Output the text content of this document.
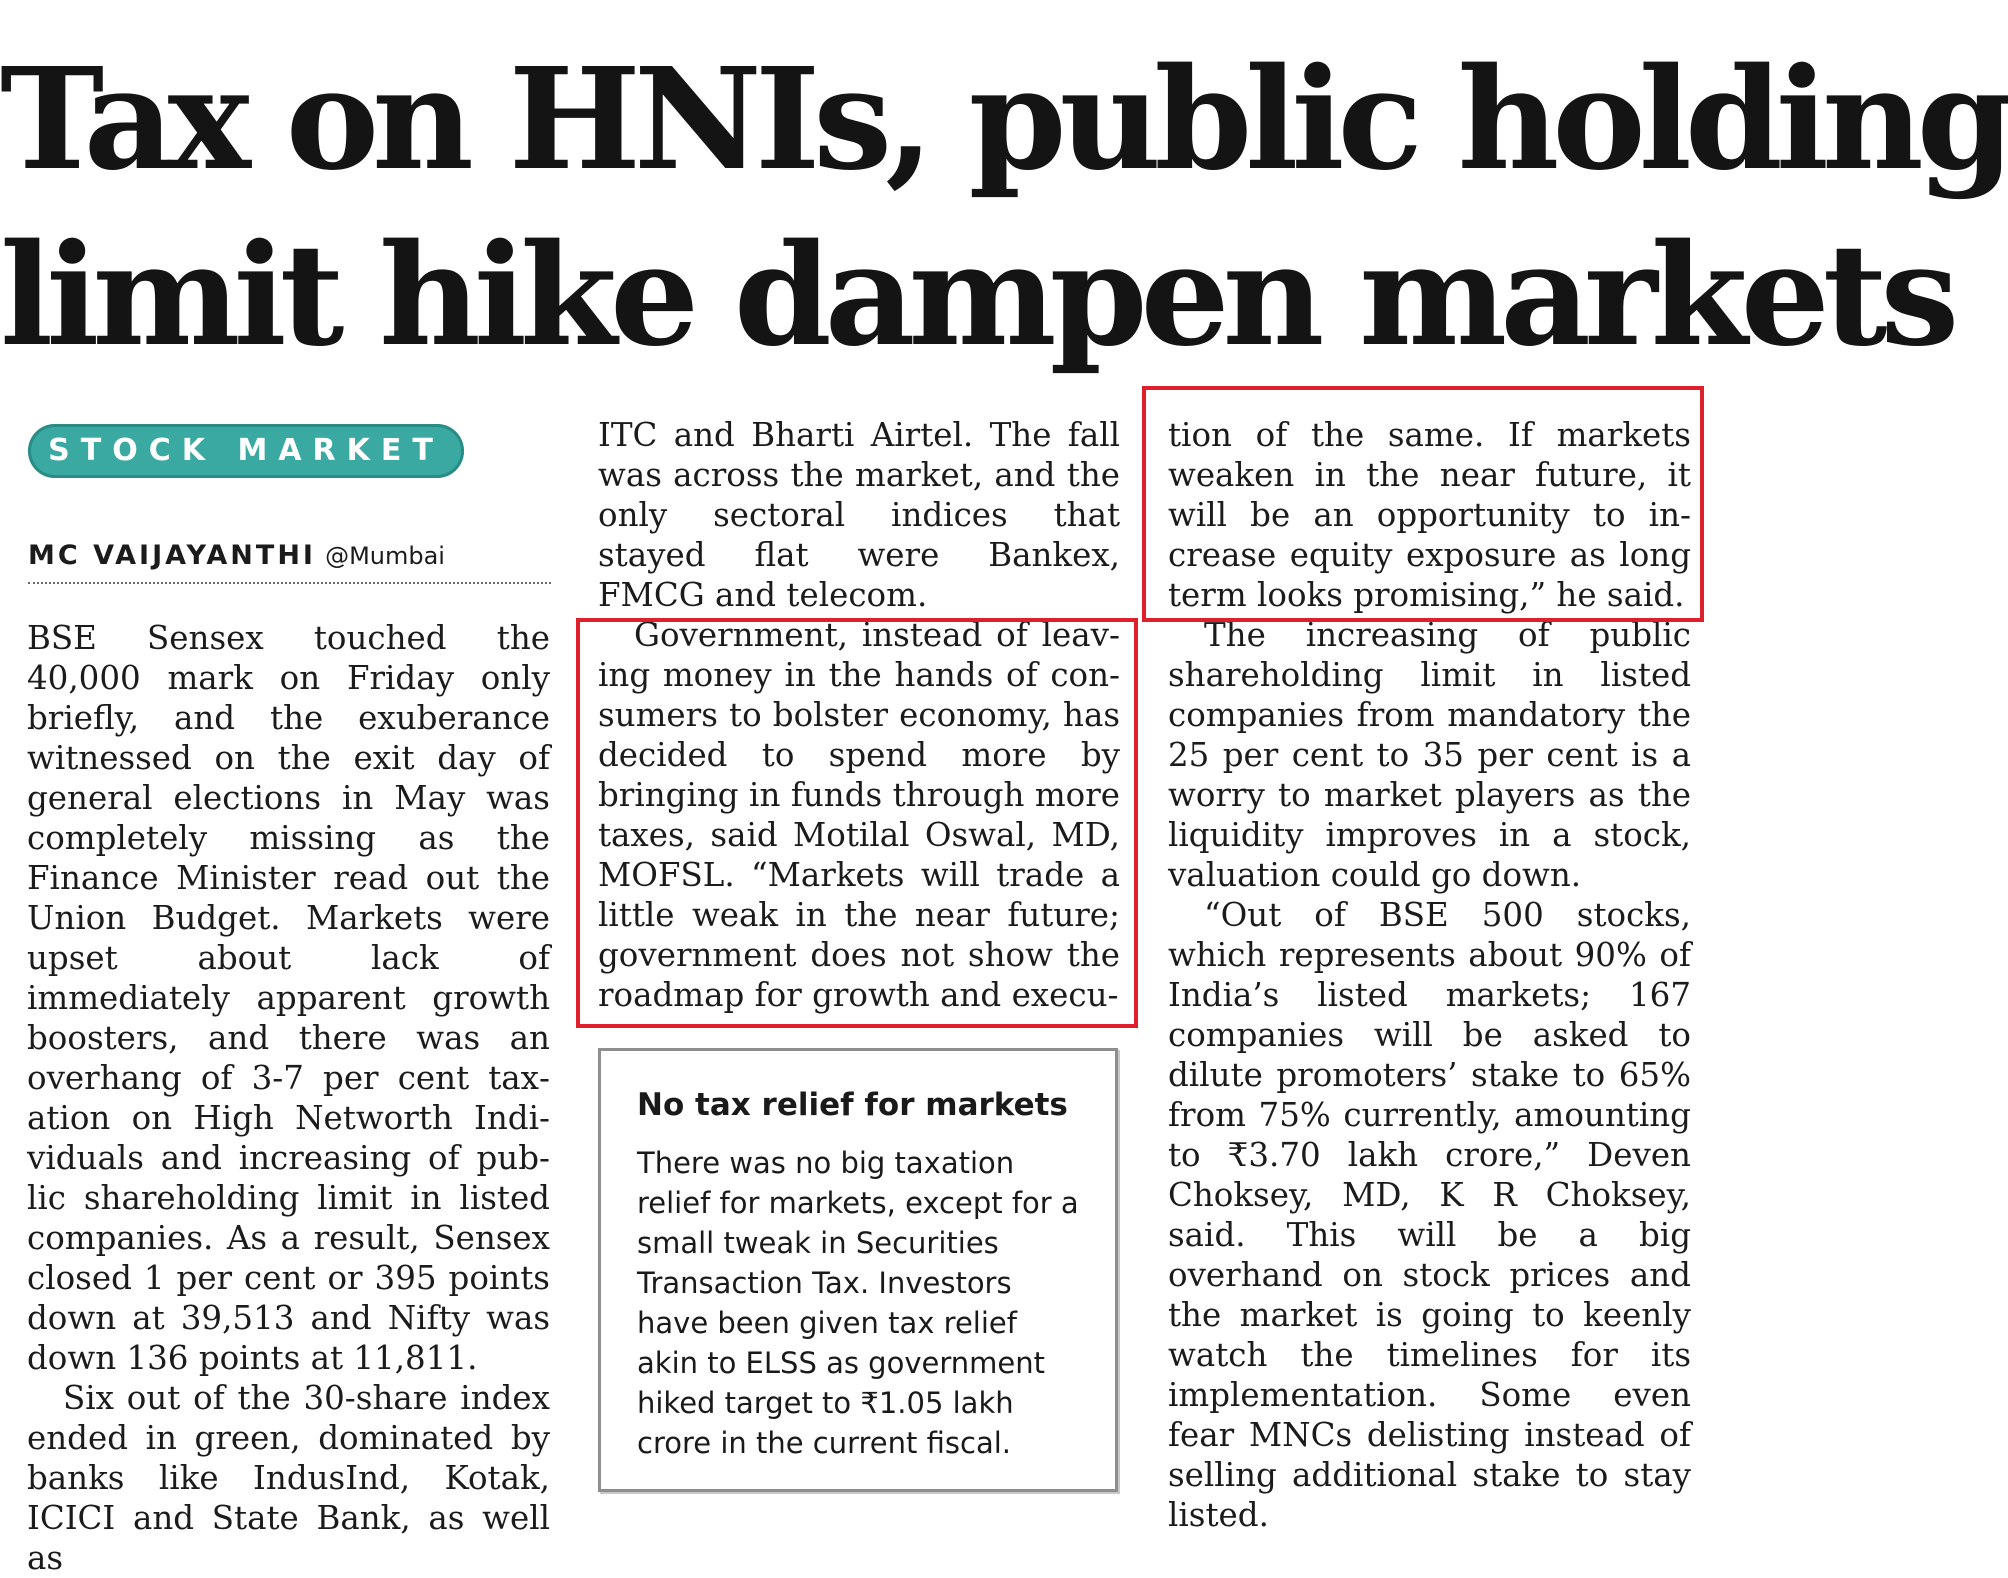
Tax on HNIs, public holding
limit hike dampen markets
STOCK MARKET
MC VAIJAYANTHI @Mumbai

BSE Sensex touched the 40,000 mark on Friday only briefly, and the exuberance witnessed on the exit day of general elections in May was completely missing as the Finance Minister read out the Union Budget. Markets were upset about lack of immediately apparent growth boosters, and there was an overhang of 3-7 per cent taxation on High Networth Individuals and increasing of public shareholding limit in listed companies. As a result, Sensex closed 1 per cent or 395 points down at 39,513 and Nifty was down 136 points at 11,811.

Six out of the 30-share index ended in green, dominated by banks like IndusInd, Kotak, ICICI and State Bank, as well as

ITC and Bharti Airtel. The fall was across the market, and the only sectoral indices that stayed flat were Bankex, FMCG and telecom.

Government, instead of leaving money in the hands of consumers to bolster economy, has decided to spend more by bringing in funds through more taxes, said Motilal Oswal, MD, MOFSL. “Markets will trade a little weak in the near future; government does not show the roadmap for growth and execu-

tion of the same. If markets weaken in the near future, it will be an opportunity to increase equity exposure as long term looks promising,” he said.

The increasing of public shareholding limit in listed companies from mandatory the 25 per cent to 35 per cent is a worry to market players as the liquidity improves in a stock, valuation could go down.

“Out of BSE 500 stocks, which represents about 90% of India’s listed markets; 167 companies will be asked to dilute promoters’ stake to 65% from 75% currently, amounting to ₹3.70 lakh crore,” Deven Choksey, MD, K R Choksey, said. This will be a big overhand on stock prices and the market is going to keenly watch the timelines for its implementation. Some even fear MNCs delisting instead of selling additional stake to stay listed.

No tax relief for markets

There was no big taxation relief for markets, except for a small tweak in Securities Transaction Tax. Investors have been given tax relief akin to ELSS as government hiked target to ₹1.05 lakh crore in the current fiscal.
